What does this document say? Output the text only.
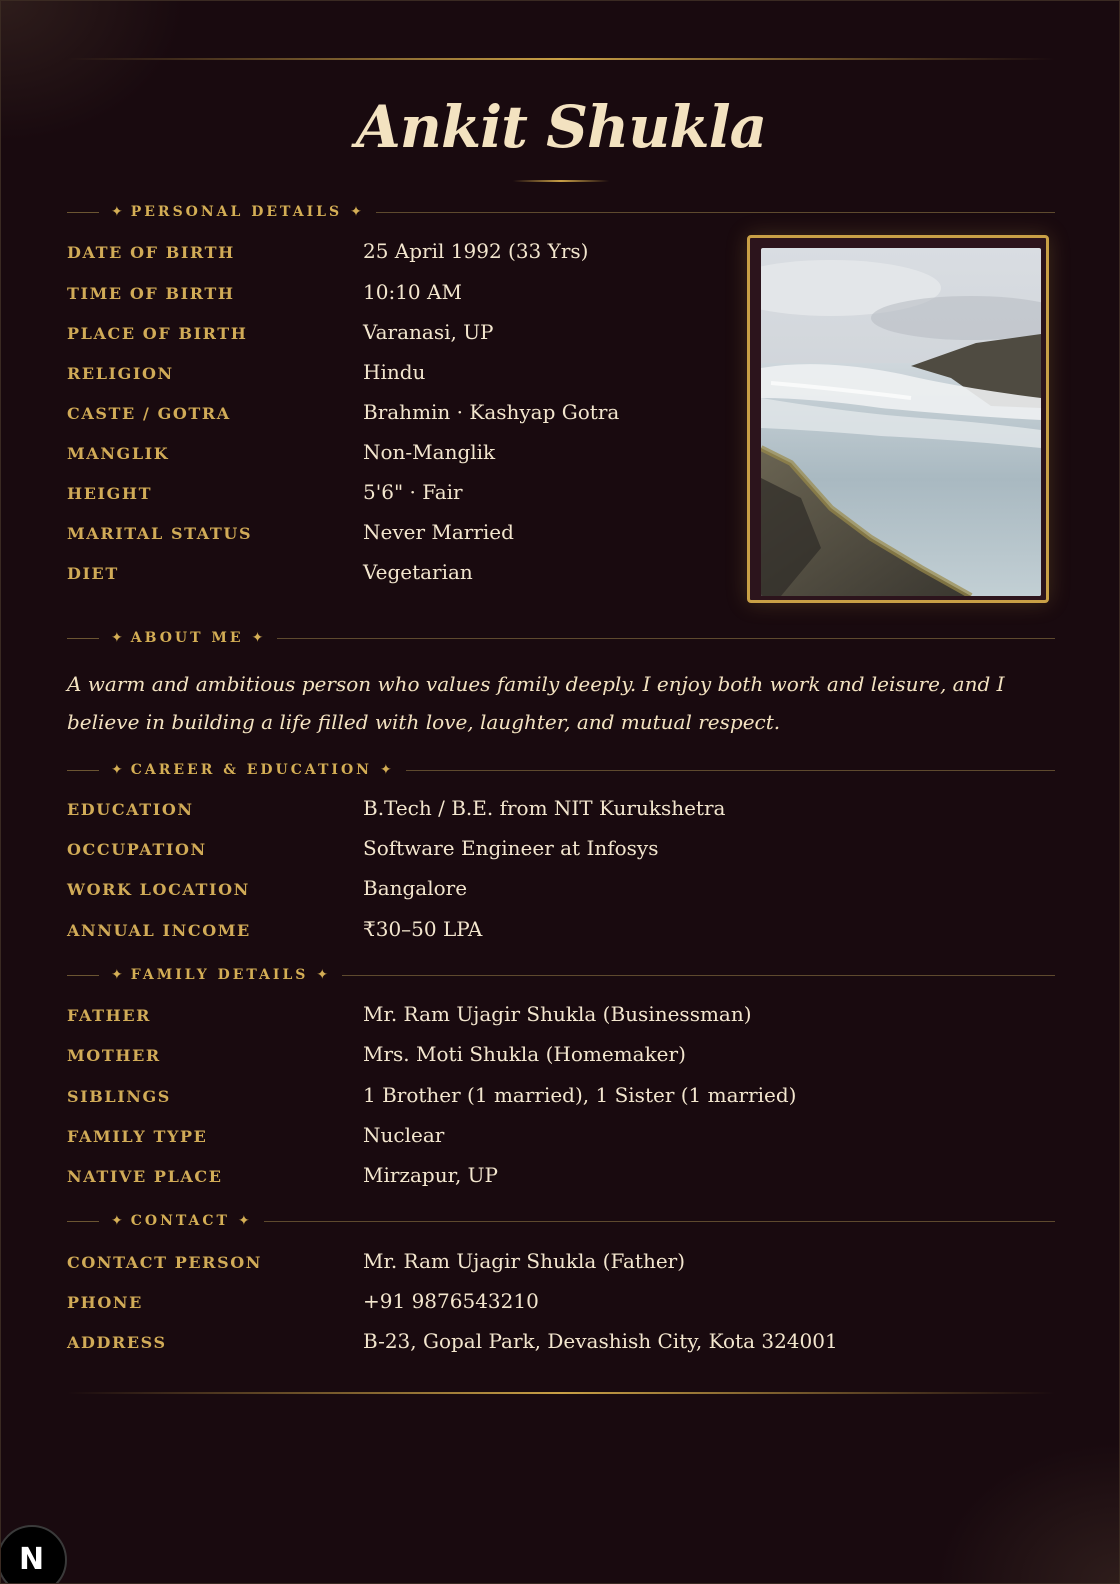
Ankit Shukla
✦ PERSONAL DETAILS ✦
DATE OF BIRTH	25 April 1992 (33 Yrs)
TIME OF BIRTH	10:10 AM
PLACE OF BIRTH	Varanasi, UP
RELIGION	Hindu
CASTE / GOTRA	Brahmin · Kashyap Gotra
MANGLIK	Non-Manglik
HEIGHT	5'6" · Fair
MARITAL STATUS	Never Married
DIET	Vegetarian
✦ ABOUT ME ✦
A warm and ambitious person who values family deeply. I enjoy both work and leisure, and I believe in building a life filled with love, laughter, and mutual respect.
✦ CAREER & EDUCATION ✦
EDUCATION	B.Tech / B.E. from NIT Kurukshetra
OCCUPATION	Software Engineer at Infosys
WORK LOCATION	Bangalore
ANNUAL INCOME	₹30–50 LPA
✦ FAMILY DETAILS ✦
FATHER	Mr. Ram Ujagir Shukla (Businessman)
MOTHER	Mrs. Moti Shukla (Homemaker)
SIBLINGS	1 Brother (1 married), 1 Sister (1 married)
FAMILY TYPE	Nuclear
NATIVE PLACE	Mirzapur, UP
✦ CONTACT ✦
CONTACT PERSON	Mr. Ram Ujagir Shukla (Father)
PHONE	+91 9876543210
ADDRESS	B-23, Gopal Park, Devashish City, Kota 324001
N
